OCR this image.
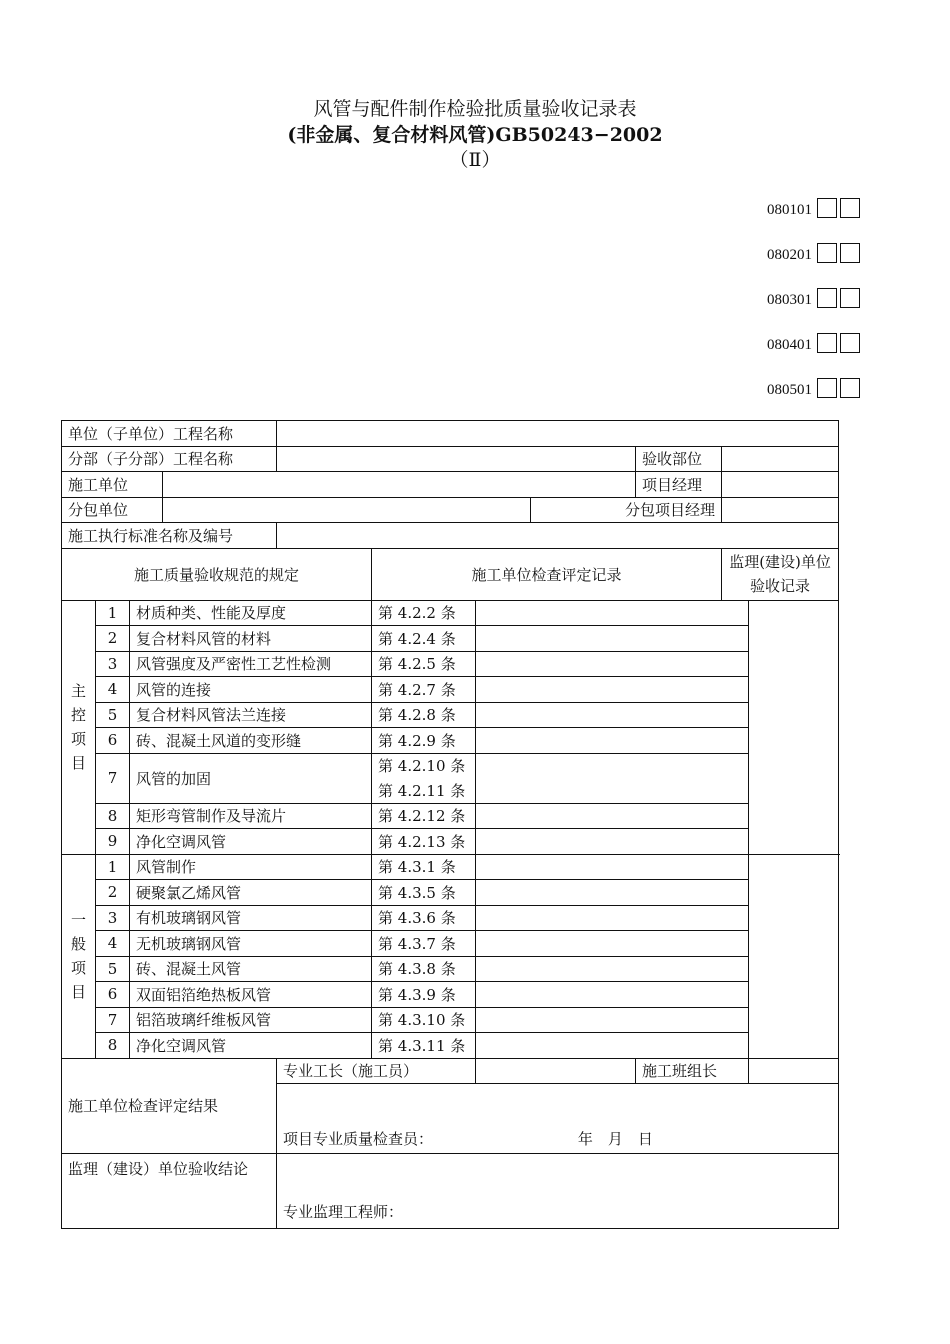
风管与配件制作检验批质量验收记录表
(非金属、复合材料风管)GB50243−2002
（Ⅱ）
080101
080201
080301
080401
080501
单位（子单位）工程名称										
分部（子分部）工程名称								验收部位		
施工单位								项目经理		
分包单位							分包项目经理			
施工执行标准名称及编号										
施工质量验收规范的规定					施工单位检查评定记录				监理(建设)单位验收记录	
主控项目	1	材质种类、性能及厚度			第 4.2.2 条					
	2	复合材料风管的材料			第 4.2.4 条					
	3	风管强度及严密性工艺性检测			第 4.2.5 条					
	4	风管的连接			第 4.2.7 条					
	5	复合材料风管法兰连接			第 4.2.8 条					
	6	砖、混凝土风道的变形缝			第 4.2.9 条					
	7	风管的加固			第 4.2.10 条					
					第 4.2.11 条					
	8	矩形弯管制作及导流片			第 4.2.12 条					
	9	净化空调风管			第 4.2.13 条					
一般项目	1	风管制作			第 4.3.1 条					
	2	硬聚氯乙烯风管			第 4.3.5 条					
	3	有机玻璃钢风管			第 4.3.6 条					
	4	无机玻璃钢风管			第 4.3.7 条					
	5	砖、混凝土风管			第 4.3.8 条					
	6	双面铝箔绝热板风管			第 4.3.9 条					
	7	铝箔玻璃纤维板风管			第 4.3.10 条					
	8	净化空调风管			第 4.3.11 条					
施工单位检查评定结果				专业工长（施工员）				施工班组长		
				项目专业质量检查员： 年　月　日						
监理（建设）单位验收结论				专业监理工程师：						
